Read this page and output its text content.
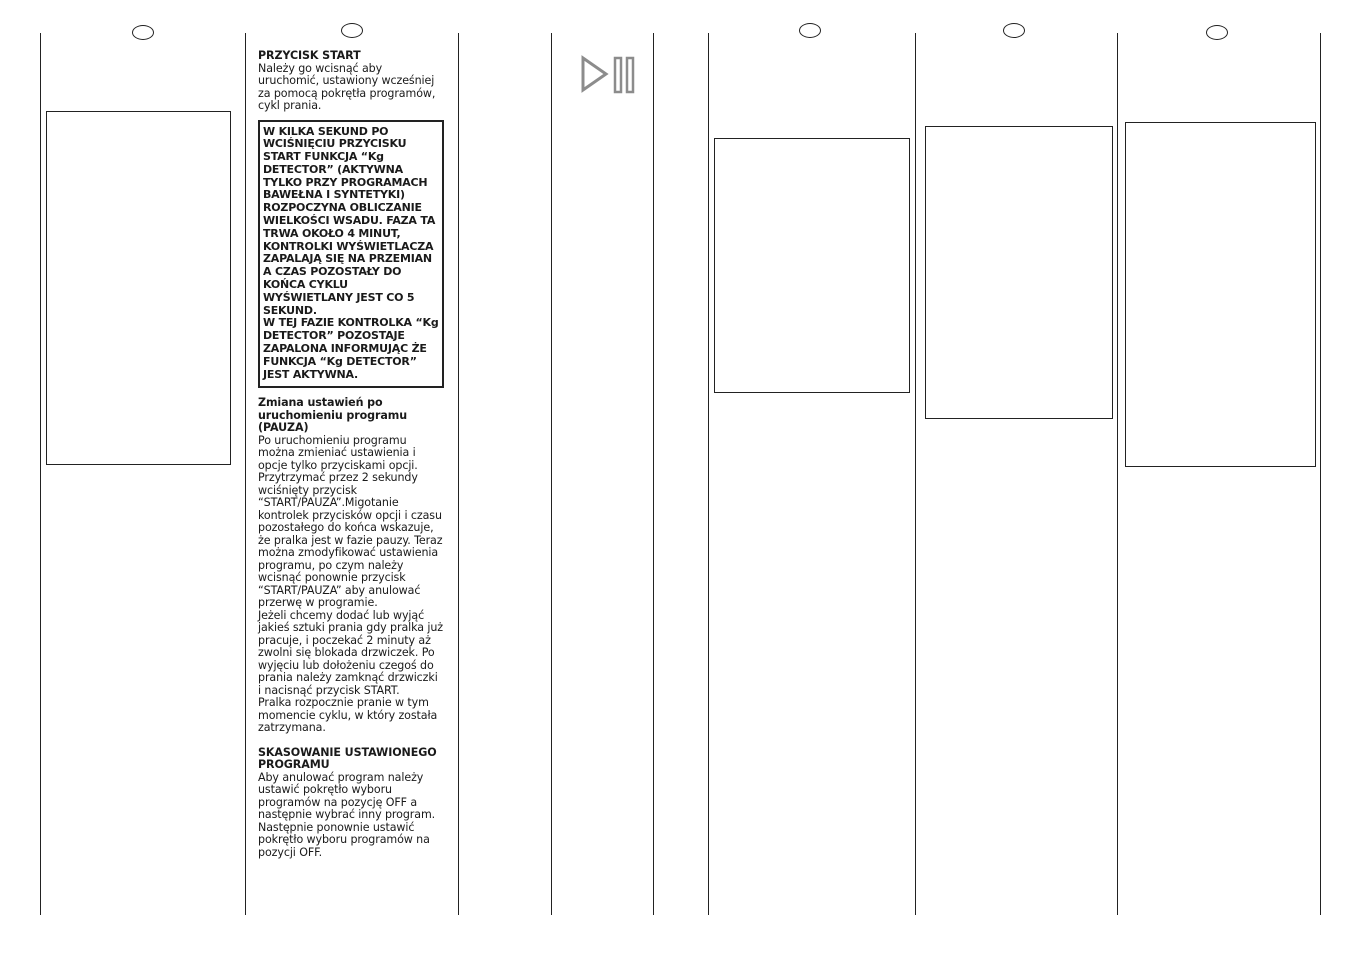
PRZYCISK START

Należy go wcisnąć aby uruchomić, ustawiony wcześniej za pomocą pokrętła programów, cykl prania.

W KILKA SEKUND PO WCIŚNIĘCIU PRZYCISKU START FUNKCJA “Kg DETECTOR” (AKTYWNA TYLKO PRZY PROGRAMACH BAWEŁNA I SYNTETYKI) ROZPOCZYNA OBLICZANIE WIELKOŚCI WSADU. FAZA TA TRWA OKOŁO 4 MINUT, KONTROLKI WYŚWIETLACZA ZAPALAJĄ SIĘ NA PRZEMIAN A CZAS POZOSTAŁY DO KOŃCA CYKLU WYŚWIETLANY JEST CO 5 SEKUND.

W TEJ FAZIE KONTROLKA “Kg DETECTOR” POZOSTAJE ZAPALONA INFORMUJĄC ŻE FUNKCJA “Kg DETECTOR” JEST AKTYWNA.

Zmiana ustawień po uruchomieniu programu (PAUZA)

Po uruchomieniu programu można zmieniać ustawienia i opcje tylko przyciskami opcji. Przytrzymać przez 2 sekundy wciśnięty przycisk “START/PAUZA”.Migotanie kontrolek przycisków opcji i czasu pozostałego do końca wskazuje, że pralka jest w fazie pauzy. Teraz można zmodyfikować ustawienia programu, po czym należy wcisnąć ponownie przycisk “START/PAUZA” aby anulować przerwę w programie.

Jeżeli chcemy dodać lub wyjąć jakieś sztuki prania gdy pralka już pracuje, i poczekać 2 minuty aż zwolni się blokada drzwiczek. Po wyjęciu lub dołożeniu czegoś do prania należy zamknąć drzwiczki i nacisnąć przycisk START.

Pralka rozpocznie pranie w tym momencie cyklu, w który została zatrzymana.

SKASOWANIE USTAWIONEGO PROGRAMU

Aby anulować program należy ustawić pokrętło wyboru programów na pozycję OFF a następnie wybrać inny program.

Następnie ponownie ustawić pokrętło wyboru programów na pozycji OFF.
